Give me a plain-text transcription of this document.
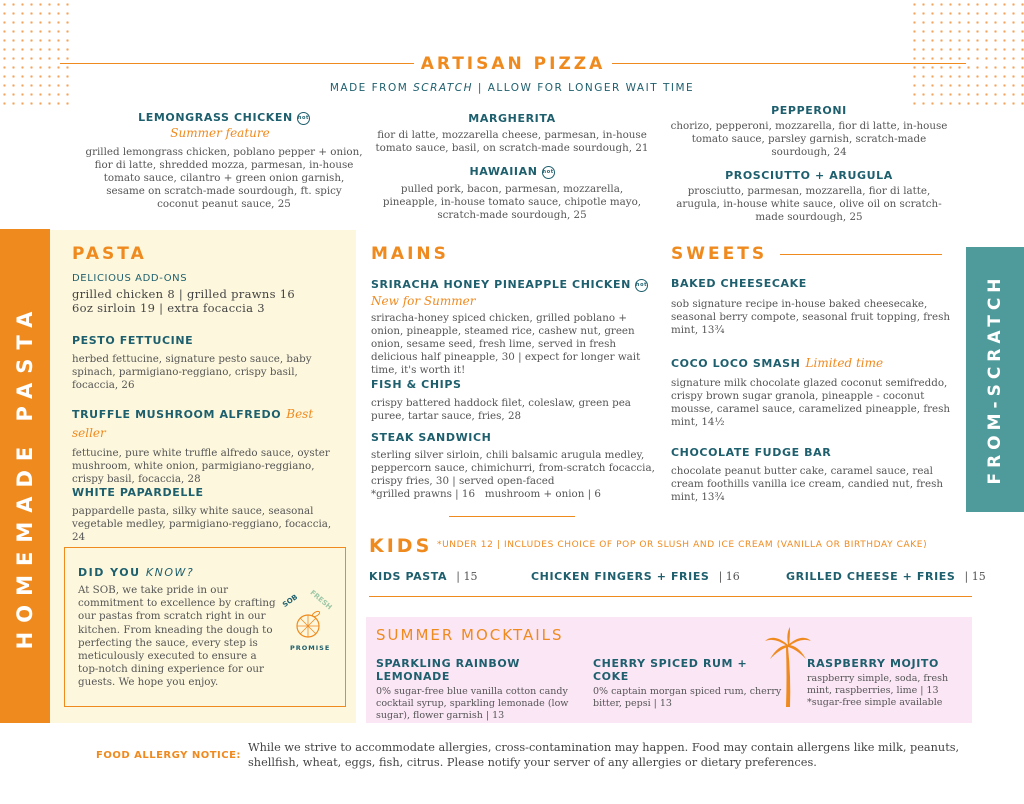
ARTISAN PIZZA
MADE FROM SCRATCH | ALLOW FOR LONGER WAIT TIME
LEMONGRASS CHICKEN hot
Summer feature
grilled lemongrass chicken, poblano pepper + onion, fior di latte, shredded mozza, parmesan, in-house tomato sauce, cilantro + green onion garnish, sesame on scratch-made sourdough, ft. spicy coconut peanut sauce, 25
MARGHERITA
fior di latte, mozzarella cheese, parmesan, in-house tomato sauce, basil, on scratch-made sourdough, 21
HAWAIIAN hot
pulled pork, bacon, parmesan, mozzarella, pineapple, in-house tomato sauce, chipotle mayo, scratch-made sourdough, 25
PEPPERONI
chorizo, pepperoni, mozzarella, fior di latte, in-house tomato sauce, parsley garnish, scratch-made sourdough, 24
PROSCIUTTO + ARUGULA
prosciutto, parmesan, mozzarella, fior di latte, arugula, in-house white sauce, olive oil on scratch-made sourdough, 25
HOMEMADE PASTA	FROM-SCRATCH
PASTA
DELICIOUS ADD-ONS
grilled chicken 8 | grilled prawns 16
6oz sirloin 19 | extra focaccia 3
PESTO FETTUCINE
herbed fettucine, signature pesto sauce, baby spinach, parmigiano-reggiano, crispy basil, focaccia, 26
TRUFFLE MUSHROOM ALFREDO Best seller
fettucine, pure white truffle alfredo sauce, oyster mushroom, white onion, parmigiano-reggiano, crispy basil, focaccia, 28
WHITE PAPARDELLE
pappardelle pasta, silky white sauce, seasonal vegetable medley, parmigiano-reggiano, focaccia, 24
DID YOU KNOW?
At SOB, we take pride in our commitment to excellence by crafting our pastas from scratch right in our kitchen. From kneading the dough to perfecting the sauce, every step is meticulously executed to ensure a top-notch dining experience for our guests. We hope you enjoy.
SOB FRESH
PROMISE
MAINS
SRIRACHA HONEY PINEAPPLE CHICKEN hot
New for Summer
sriracha-honey spiced chicken, grilled poblano + onion, pineapple, steamed rice, cashew nut, green onion, sesame seed, fresh lime, served in fresh delicious half pineapple, 30 | expect for longer wait time, it's worth it!
FISH & CHIPS
crispy battered haddock filet, coleslaw, green pea puree, tartar sauce, fries, 28
STEAK SANDWICH
sterling silver sirloin, chili balsamic arugula medley, peppercorn sauce, chimichurri, from-scratch focaccia, crispy fries, 30 | served open-faced
*grilled prawns | 16   mushroom + onion | 6
SWEETS
BAKED CHEESECAKE
sob signature recipe in-house baked cheesecake, seasonal berry compote, seasonal fruit topping, fresh mint, 13¾
COCO LOCO SMASH Limited time
signature milk chocolate glazed coconut semifreddo, crispy brown sugar granola, pineapple - coconut mousse, caramel sauce, caramelized pineapple, fresh mint, 14½
CHOCOLATE FUDGE BAR
chocolate peanut butter cake, caramel sauce, real cream foothills vanilla ice cream, candied nut, fresh mint, 13¾
KIDS *UNDER 12 | INCLUDES CHOICE OF POP OR SLUSH AND ICE CREAM (VANILLA OR BIRTHDAY CAKE)
KIDS PASTA | 15	CHICKEN FINGERS + FRIES | 16	GRILLED CHEESE + FRIES | 15
SUMMER MOCKTAILS
SPARKLING RAINBOW LEMONADE
0% sugar-free blue vanilla cotton candy cocktail syrup, sparkling lemonade (low sugar), flower garnish | 13
CHERRY SPICED RUM + COKE
0% captain morgan spiced rum, cherry bitter, pepsi | 13
RASPBERRY MOJITO
raspberry simple, soda, fresh mint, raspberries, lime | 13
*sugar-free simple available
FOOD ALLERGY NOTICE:
While we strive to accommodate allergies, cross-contamination may happen. Food may contain allergens like milk, peanuts, shellfish, wheat, eggs, fish, citrus. Please notify your server of any allergies or dietary preferences.
